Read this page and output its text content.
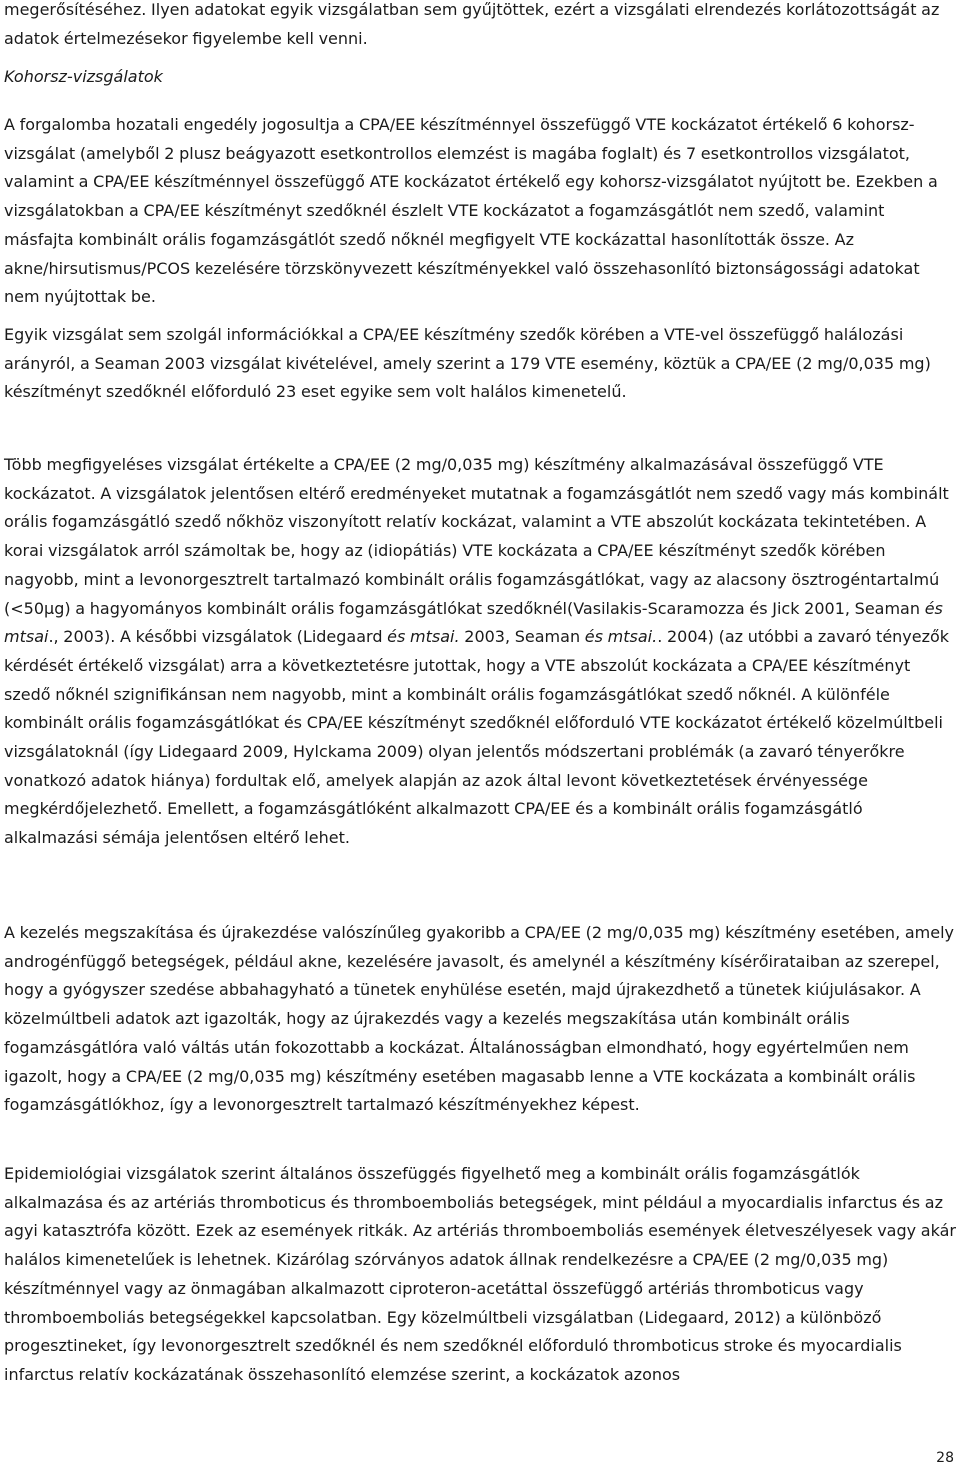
megerősítéséhez. Ilyen adatokat egyik vizsgálatban sem gyűjtöttek, ezért a vizsgálati elrendezés korlátozottságát az adatok értelmezésekor figyelembe kell venni.

Kohorsz-vizsgálatok

A forgalomba hozatali engedély jogosultja a CPA/EE készítménnyel összefüggő VTE kockázatot értékelő 6 kohorsz-vizsgálat (amelyből 2 plusz beágyazott esetkontrollos elemzést is magába foglalt) és 7 esetkontrollos vizsgálatot, valamint a CPA/EE készítménnyel összefüggő ATE kockázatot értékelő egy kohorsz-vizsgálatot nyújtott be. Ezekben a vizsgálatokban a CPA/EE készítményt szedőknél észlelt VTE kockázatot a fogamzásgátlót nem szedő, valamint másfajta kombinált orális fogamzásgátlót szedő nőknél megfigyelt VTE kockázattal hasonlították össze. Az akne/hirsutismus/PCOS kezelésére törzskönyvezett készítményekkel való összehasonlító biztonságossági adatokat nem nyújtottak be.

Egyik vizsgálat sem szolgál információkkal a CPA/EE készítmény szedők körében a VTE-vel összefüggő halálozási arányról, a Seaman 2003 vizsgálat kivételével, amely szerint a 179 VTE esemény, köztük a CPA/EE (2 mg/0,035 mg) készítményt szedőknél előforduló 23 eset egyike sem volt halálos kimenetelű.

Több megfigyeléses vizsgálat értékelte a CPA/EE (2 mg/0,035 mg) készítmény alkalmazásával összefüggő VTE kockázatot. A vizsgálatok jelentősen eltérő eredményeket mutatnak a fogamzásgátlót nem szedő vagy más kombinált orális fogamzásgátló szedő nőkhöz viszonyított relatív kockázat, valamint a VTE abszolút kockázata tekintetében. A korai vizsgálatok arról számoltak be, hogy az (idiopátiás) VTE kockázata a CPA/EE készítményt szedők körében nagyobb, mint a levonorgesztrelt tartalmazó kombinált orális fogamzásgátlókat, vagy az alacsony ösztrogéntartalmú (<50µg) a hagyományos kombinált orális fogamzásgátlókat szedőknél(Vasilakis-Scaramozza és Jick 2001, Seaman és mtsai., 2003). A későbbi vizsgálatok (Lidegaard és mtsai. 2003, Seaman és mtsai.. 2004) (az utóbbi a zavaró tényezők kérdését értékelő vizsgálat) arra a következtetésre jutottak, hogy a VTE abszolút kockázata a CPA/EE készítményt szedő nőknél szignifikánsan nem nagyobb, mint a kombinált orális fogamzásgátlókat szedő nőknél. A különféle kombinált orális fogamzásgátlókat és CPA/EE készítményt szedőknél előforduló VTE kockázatot értékelő közelmúltbeli vizsgálatoknál (így Lidegaard 2009, Hylckama 2009) olyan jelentős módszertani problémák (a zavaró tényerőkre vonatkozó adatok hiánya) fordultak elő, amelyek alapján az azok által levont következtetések érvényessége megkérdőjelezhető. Emellett, a fogamzásgátlóként alkalmazott CPA/EE és a kombinált orális fogamzásgátló alkalmazási sémája jelentősen eltérő lehet.

A kezelés megszakítása és újrakezdése valószínűleg gyakoribb a CPA/EE (2 mg/0,035 mg) készítmény esetében, amely androgénfüggő betegségek, például akne, kezelésére javasolt, és amelynél a készítmény kísérőirataiban az szerepel, hogy a gyógyszer szedése abbahagyható a tünetek enyhülése esetén, majd újrakezdhető a tünetek kiújulásakor. A közelmúltbeli adatok azt igazolták, hogy az újrakezdés vagy a kezelés megszakítása után kombinált orális fogamzásgátlóra való váltás után fokozottabb a kockázat. Általánosságban elmondható, hogy egyértelműen nem igazolt, hogy a CPA/EE (2 mg/0,035 mg) készítmény esetében magasabb lenne a VTE kockázata a kombinált orális fogamzásgátlókhoz, így a levonorgesztrelt tartalmazó készítményekhez képest.

Epidemiológiai vizsgálatok szerint általános összefüggés figyelhető meg a kombinált orális fogamzásgátlók alkalmazása és az artériás thromboticus és thromboemboliás betegségek, mint például a myocardialis infarctus és az agyi katasztrófa között. Ezek az események ritkák. Az artériás thromboemboliás események életveszélyesek vagy akár halálos kimenetelűek is lehetnek. Kizárólag szórványos adatok állnak rendelkezésre a CPA/EE (2 mg/0,035 mg) készítménnyel vagy az önmagában alkalmazott ciproteron-acetáttal összefüggő artériás thromboticus vagy thromboemboliás betegségekkel kapcsolatban. Egy közelmúltbeli vizsgálatban (Lidegaard, 2012) a különböző progesztineket, így levonorgesztrelt szedőknél és nem szedőknél előforduló thromboticus stroke és myocardialis infarctus relatív kockázatának összehasonlító elemzése szerint, a kockázatok azonos

28
